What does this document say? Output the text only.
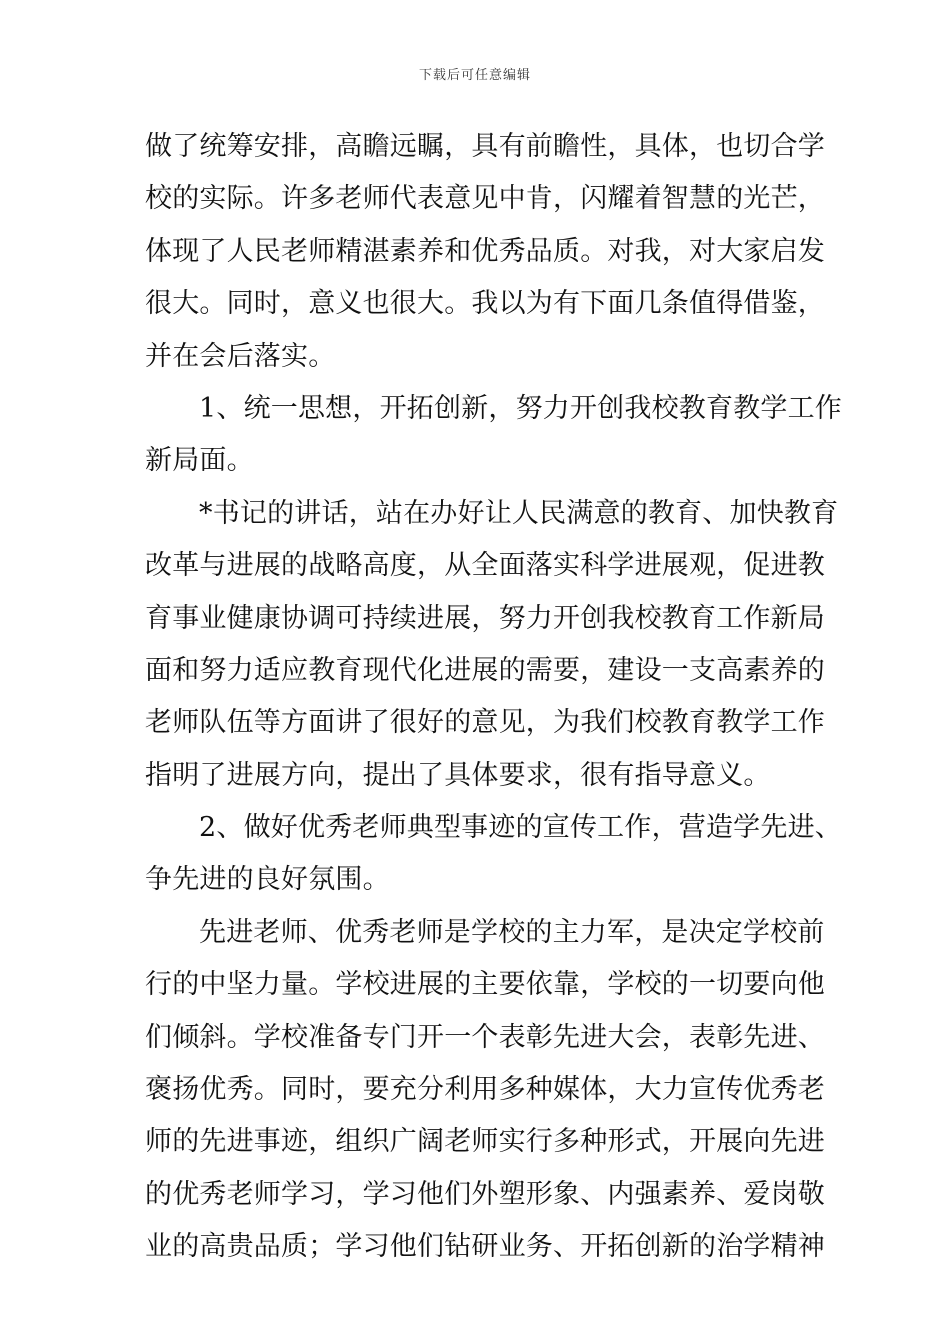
下载后可任意编辑
做了统筹安排，高瞻远瞩，具有前瞻性，具体，也切合学
校的实际。许多老师代表意见中肯，闪耀着智慧的光芒，
体现了人民老师精湛素养和优秀品质。对我，对大家启发
很大。同时，意义也很大。我以为有下面几条值得借鉴，
并在会后落实。
1、统一思想，开拓创新，努力开创我校教育教学工作
新局面。
*书记的讲话，站在办好让人民满意的教育、加快教育
改革与进展的战略高度，从全面落实科学进展观，促进教
育事业健康协调可持续进展，努力开创我校教育工作新局
面和努力适应教育现代化进展的需要，建设一支高素养的
老师队伍等方面讲了很好的意见，为我们校教育教学工作
指明了进展方向，提出了具体要求，很有指导意义。
2、做好优秀老师典型事迹的宣传工作，营造学先进、
争先进的良好氛围。
先进老师、优秀老师是学校的主力军，是决定学校前
行的中坚力量。学校进展的主要依靠，学校的一切要向他
们倾斜。学校准备专门开一个表彰先进大会，表彰先进、
褒扬优秀。同时，要充分利用多种媒体，大力宣传优秀老
师的先进事迹，组织广阔老师实行多种形式，开展向先进
的优秀老师学习，学习他们外塑形象、内强素养、爱岗敬
业的高贵品质；学习他们钻研业务、开拓创新的治学精神
